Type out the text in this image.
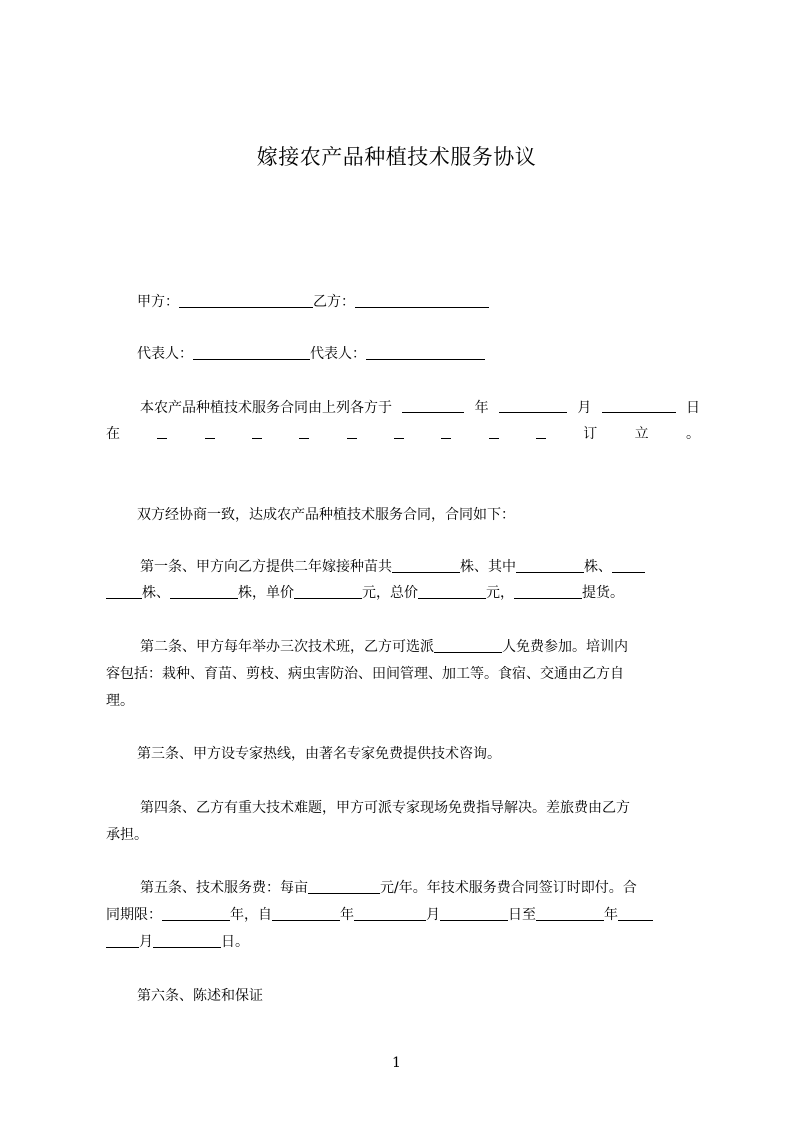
嫁接农产品种植技术服务协议
甲方：	乙方：
代表人：	代表人：
本农产品种植技术服务合同由上列各方于	年	月	日
在	订	立	。
双方经协商一致，达成农产品种植技术服务合同，合同如下：
第一条、甲方向乙方提供二年嫁接种苗共	株、其中	株、
株、	株，单价	元，总价	元，	提货。
第二条、甲方每年举办三次技术班，乙方可选派	人免费参加。培训内
容包括：栽种、育苗、剪枝、病虫害防治、田间管理、加工等。食宿、交通由乙方自
理。
第三条、甲方设专家热线，由著名专家免费提供技术咨询。
第四条、乙方有重大技术难题，甲方可派专家现场免费指导解决。差旅费由乙方
承担。
第五条、技术服务费：每亩	元/年。年技术服务费合同签订时即付。合
同期限：	年，自	年	月	日至	年
月	日。
第六条、陈述和保证
1
